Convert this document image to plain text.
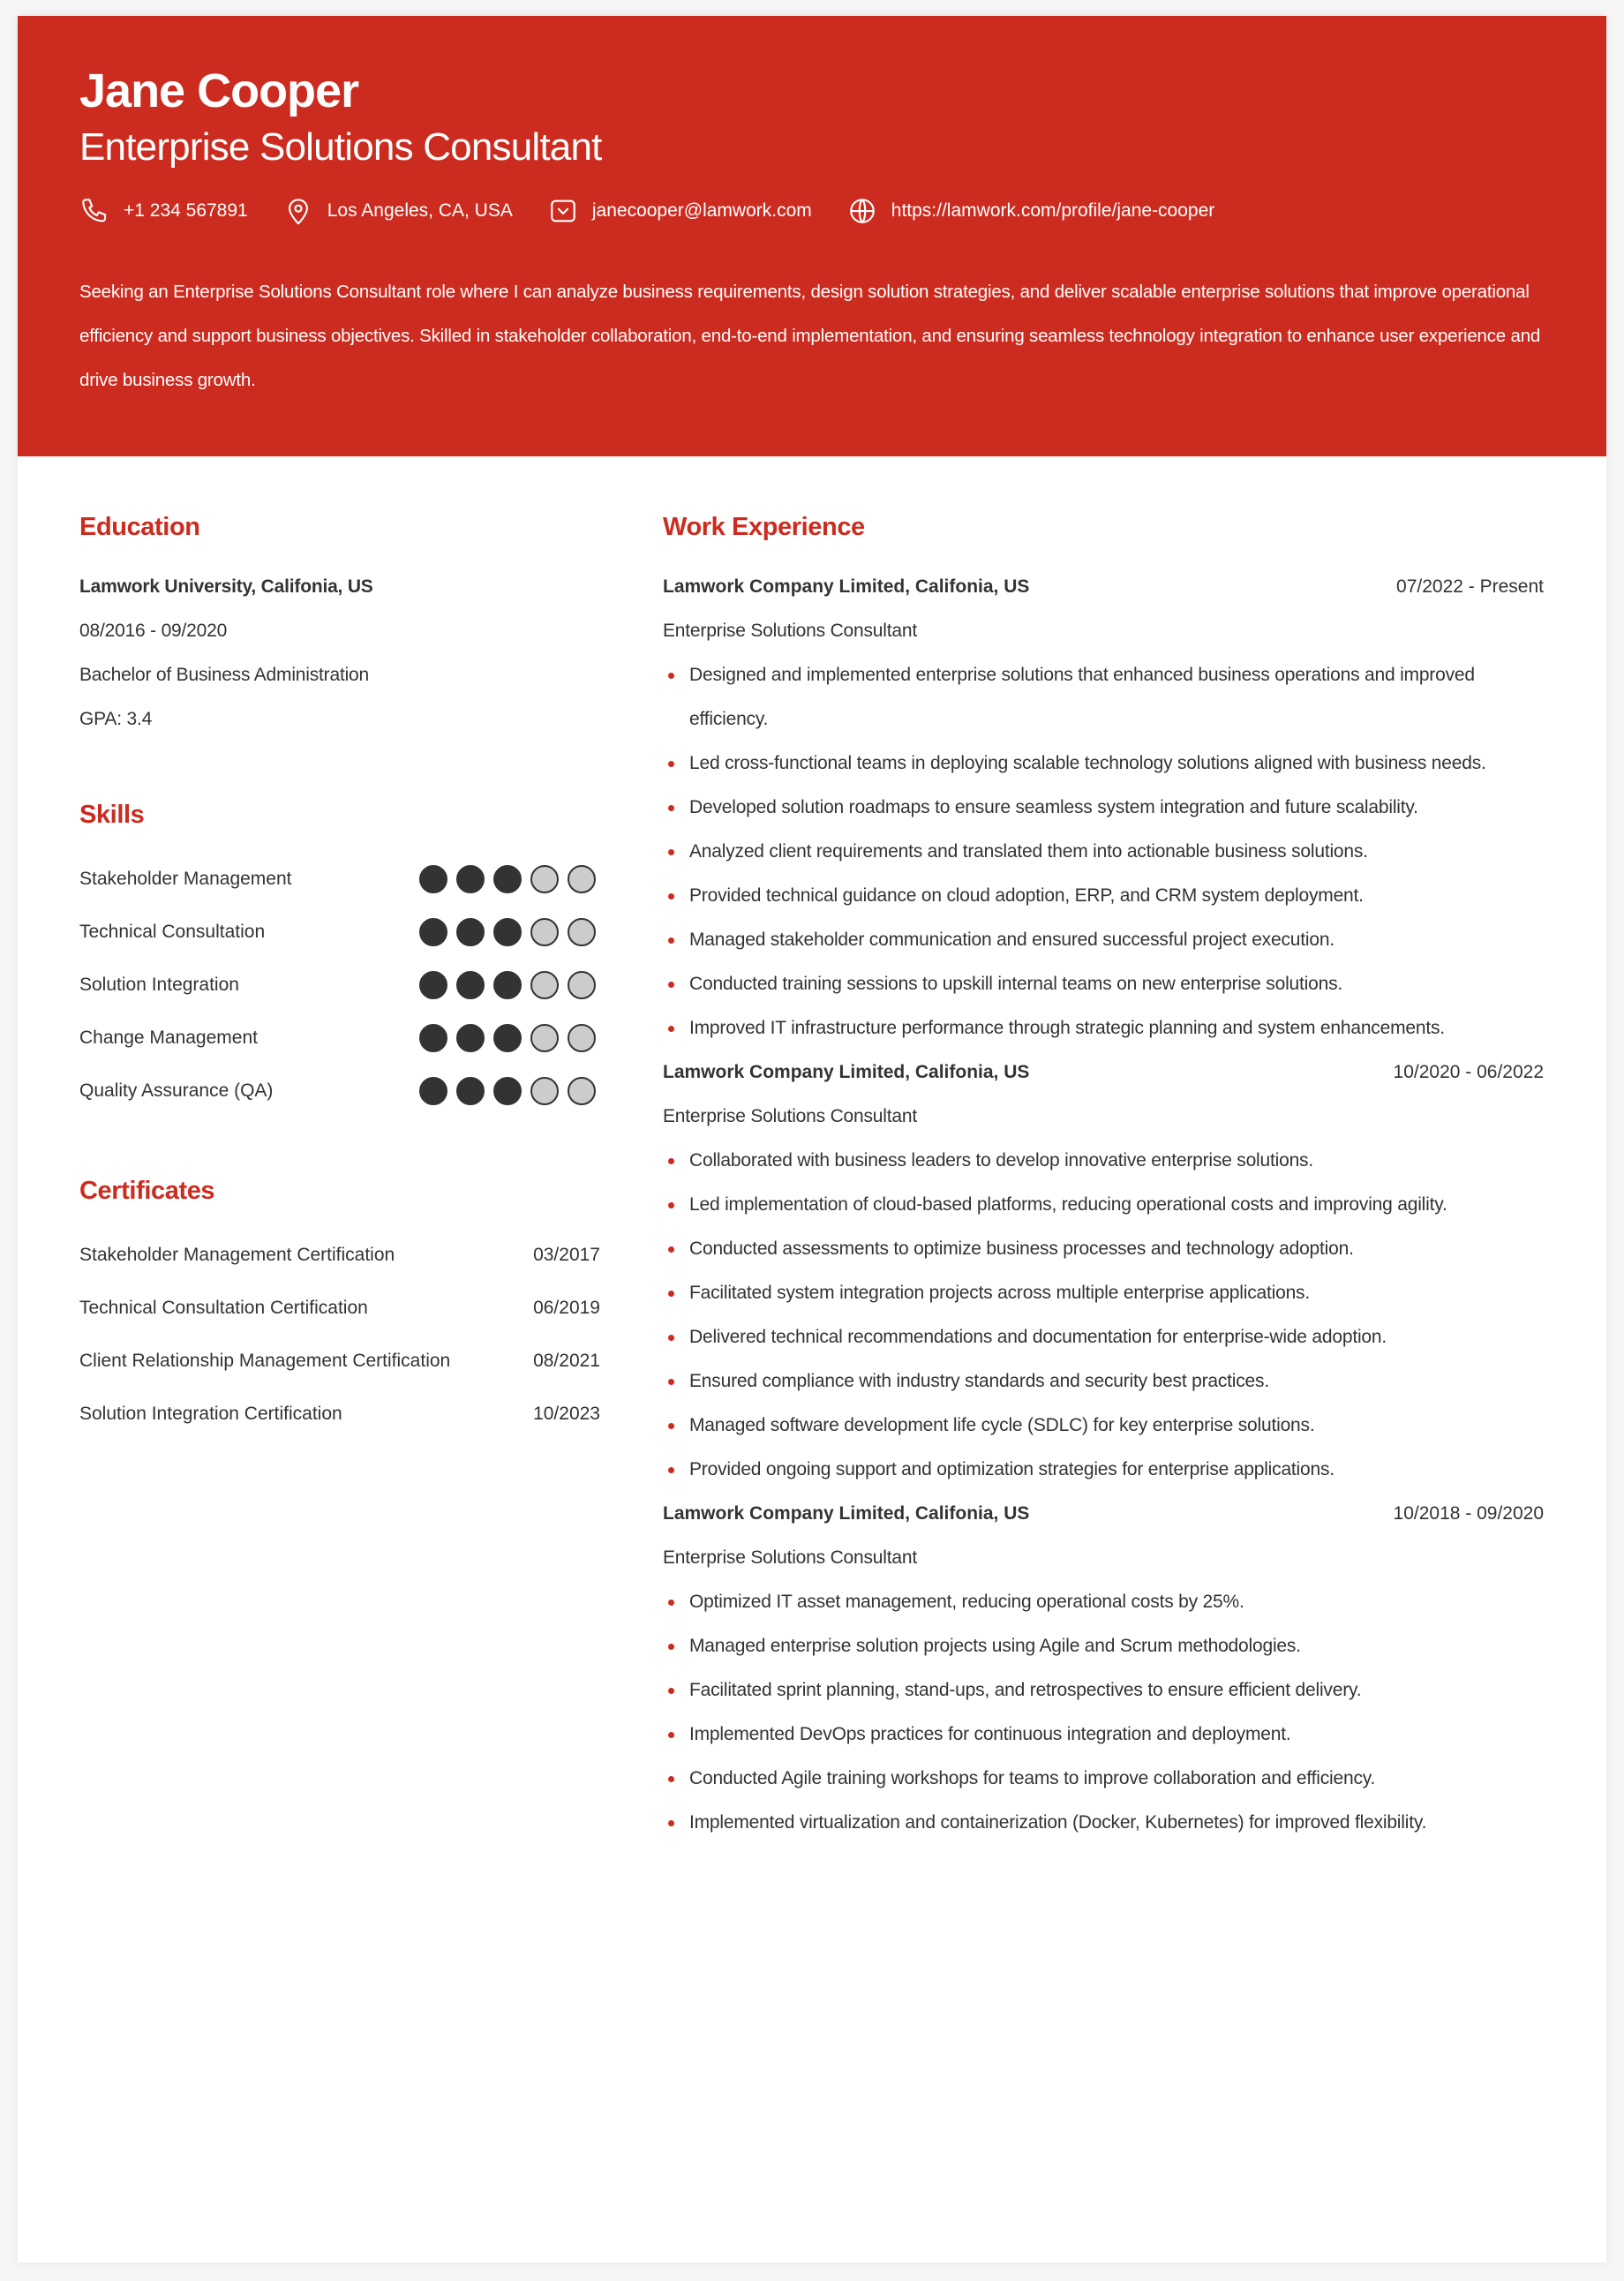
Jane Cooper
Enterprise Solutions Consultant
+1 234 567891	Los Angeles, CA, USA	janecooper@lamwork.com	https://lamwork.com/profile/jane-cooper

Seeking an Enterprise Solutions Consultant role where I can analyze business requirements, design solution strategies, and deliver scalable enterprise solutions that improve operational efficiency and support business objectives. Skilled in stakeholder collaboration, end-to-end implementation, and ensuring seamless technology integration to enhance user experience and drive business growth.

Education
Lamwork University, Califonia, US
08/2016 - 09/2020
Bachelor of Business Administration
GPA: 3.4
Skills
Stakeholder Management
Technical Consultation
Solution Integration
Change Management
Quality Assurance (QA)
Certificates
Stakeholder Management Certification	03/2017
Technical Consultation Certification	06/2019
Client Relationship Management Certification	08/2021
Solution Integration Certification	10/2023
Work Experience
Lamwork Company Limited, Califonia, US	07/2022 - Present
Enterprise Solutions Consultant
Designed and implemented enterprise solutions that enhanced business operations and improved efficiency.
Led cross-functional teams in deploying scalable technology solutions aligned with business needs.
Developed solution roadmaps to ensure seamless system integration and future scalability.
Analyzed client requirements and translated them into actionable business solutions.
Provided technical guidance on cloud adoption, ERP, and CRM system deployment.
Managed stakeholder communication and ensured successful project execution.
Conducted training sessions to upskill internal teams on new enterprise solutions.
Improved IT infrastructure performance through strategic planning and system enhancements.
Lamwork Company Limited, Califonia, US	10/2020 - 06/2022
Enterprise Solutions Consultant
Collaborated with business leaders to develop innovative enterprise solutions.
Led implementation of cloud-based platforms, reducing operational costs and improving agility.
Conducted assessments to optimize business processes and technology adoption.
Facilitated system integration projects across multiple enterprise applications.
Delivered technical recommendations and documentation for enterprise-wide adoption.
Ensured compliance with industry standards and security best practices.
Managed software development life cycle (SDLC) for key enterprise solutions.
Provided ongoing support and optimization strategies for enterprise applications.
Lamwork Company Limited, Califonia, US	10/2018 - 09/2020
Enterprise Solutions Consultant
Optimized IT asset management, reducing operational costs by 25%.
Managed enterprise solution projects using Agile and Scrum methodologies.
Facilitated sprint planning, stand-ups, and retrospectives to ensure efficient delivery.
Implemented DevOps practices for continuous integration and deployment.
Conducted Agile training workshops for teams to improve collaboration and efficiency.
Implemented virtualization and containerization (Docker, Kubernetes) for improved flexibility.
